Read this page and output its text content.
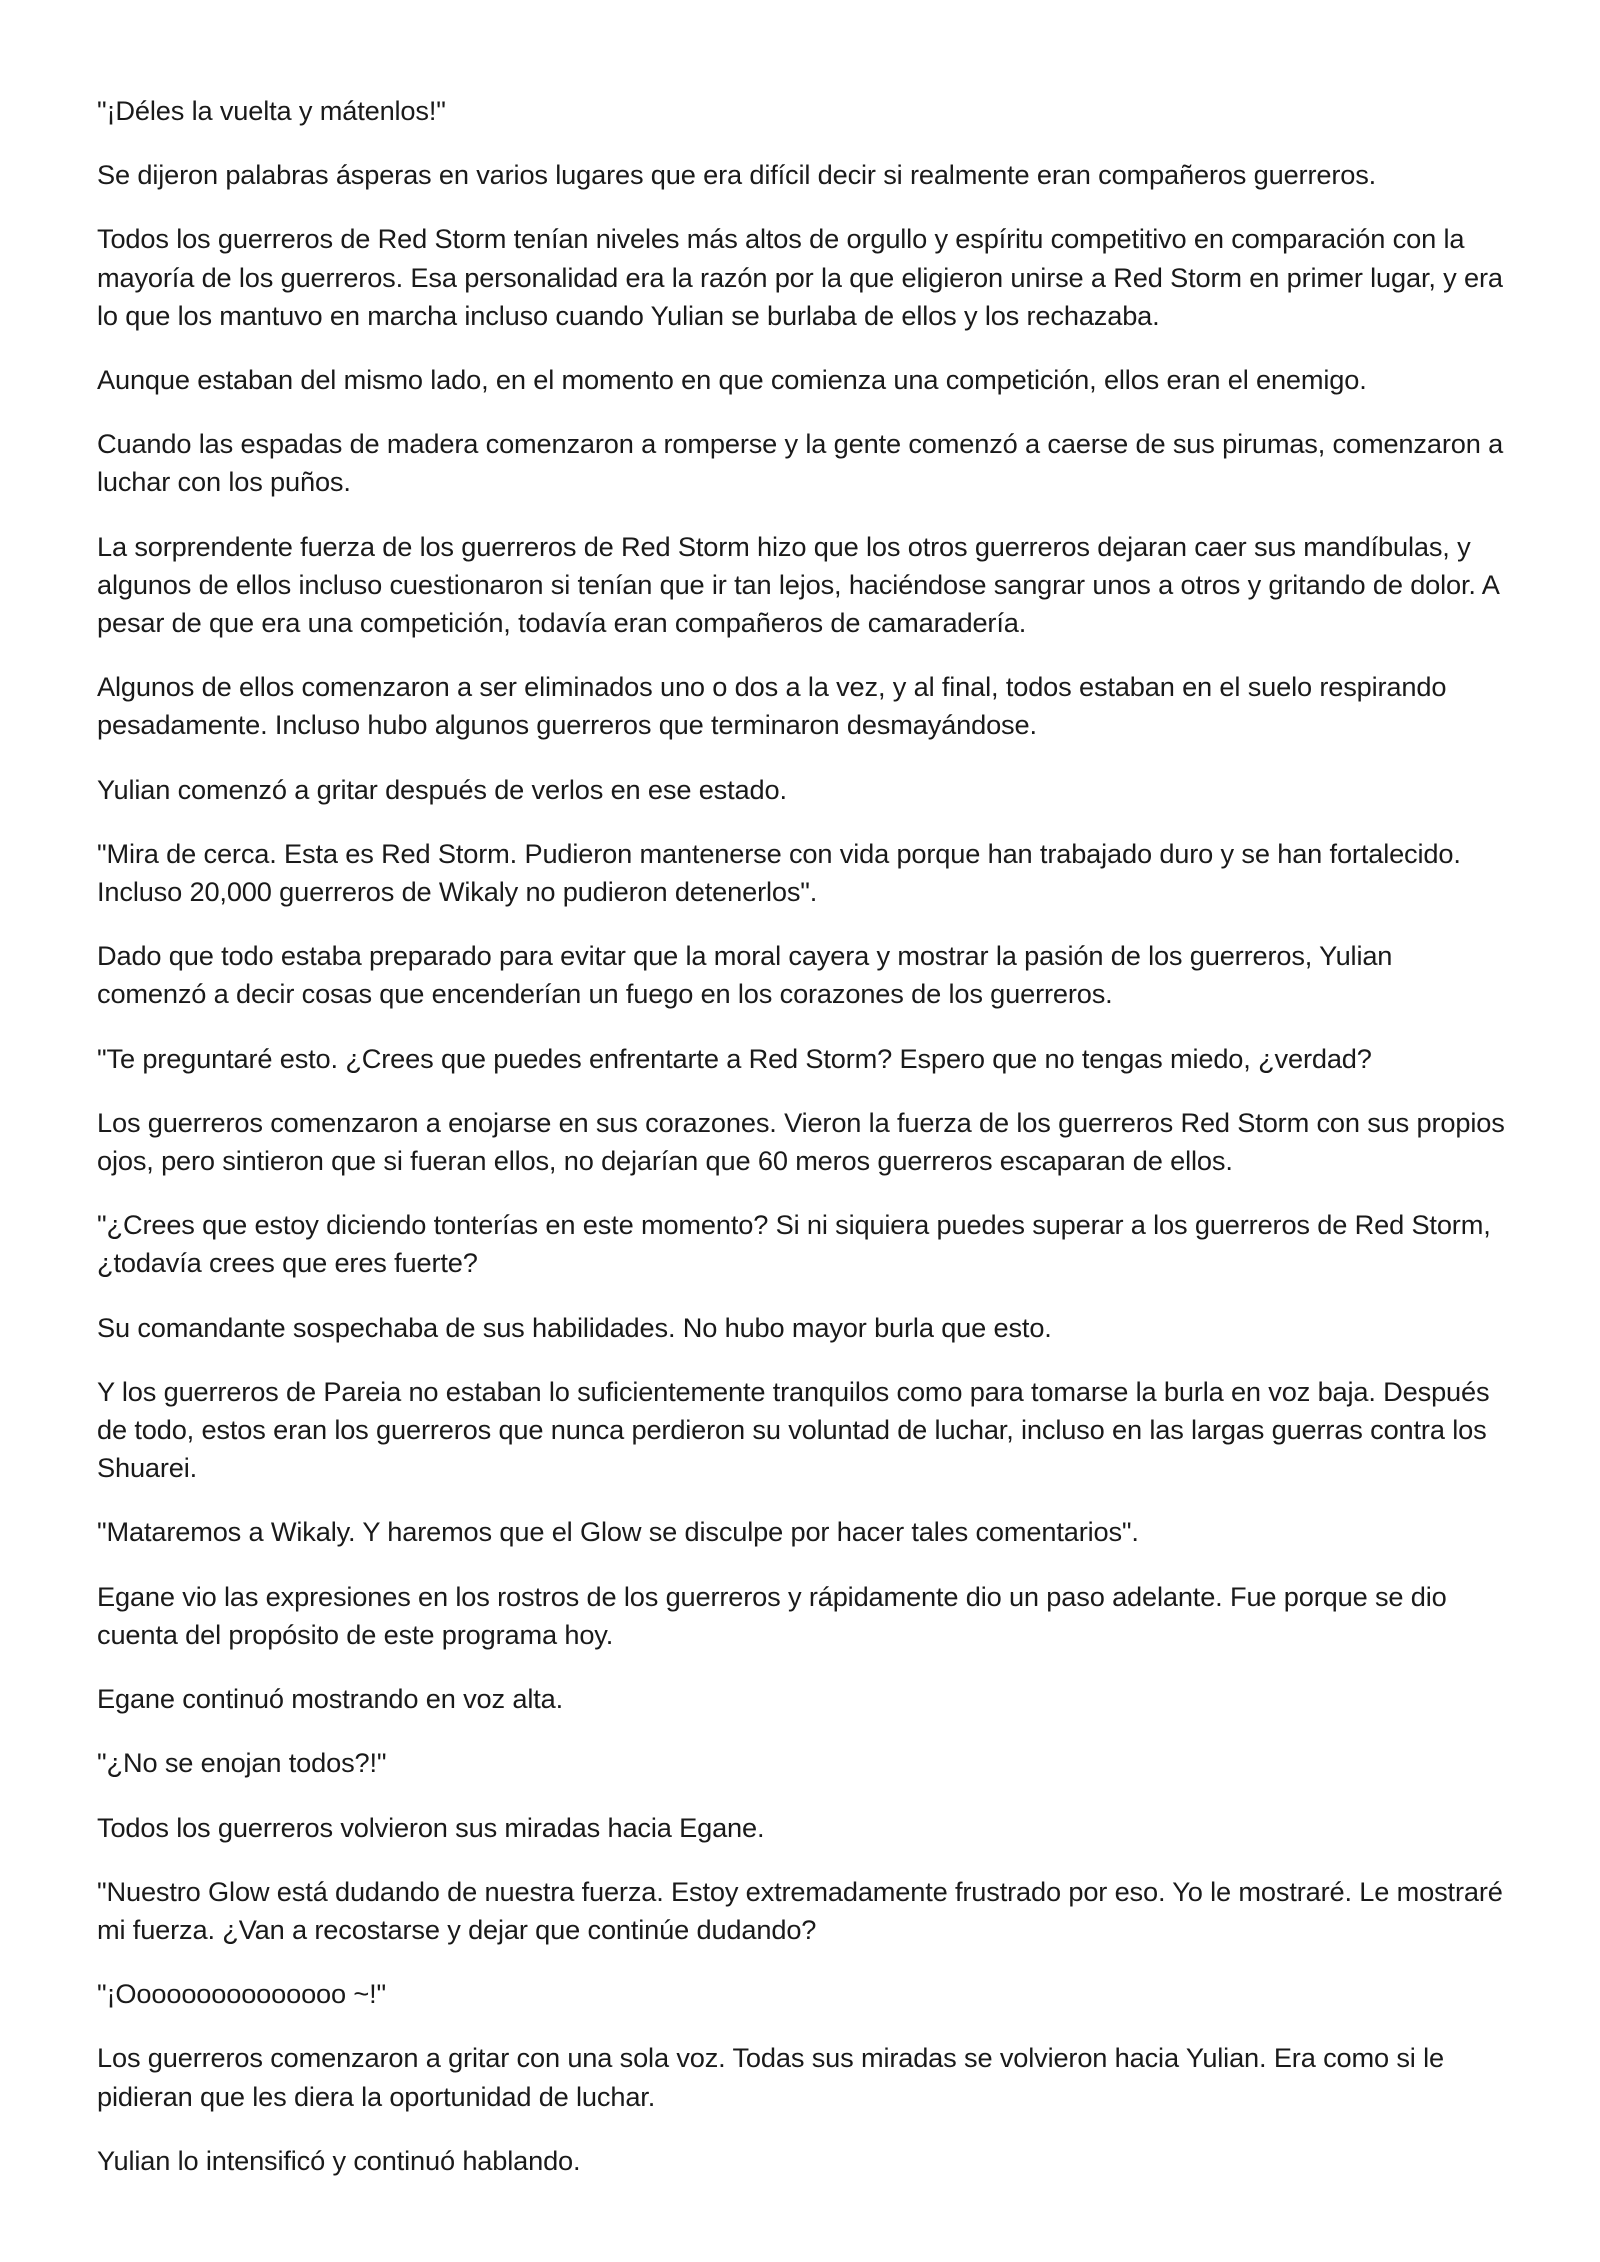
"¡Déles la vuelta y mátenlos!"

Se dijeron palabras ásperas en varios lugares que era difícil decir si realmente eran compañeros guerreros.

Todos los guerreros de Red Storm tenían niveles más altos de orgullo y espíritu competitivo en comparación con la mayoría de los guerreros. Esa personalidad era la razón por la que eligieron unirse a Red Storm en primer lugar, y era lo que los mantuvo en marcha incluso cuando Yulian se burlaba de ellos y los rechazaba.

Aunque estaban del mismo lado, en el momento en que comienza una competición, ellos eran el enemigo.

Cuando las espadas de madera comenzaron a romperse y la gente comenzó a caerse de sus pirumas, comenzaron a luchar con los puños.

La sorprendente fuerza de los guerreros de Red Storm hizo que los otros guerreros dejaran caer sus mandíbulas, y algunos de ellos incluso cuestionaron si tenían que ir tan lejos, haciéndose sangrar unos a otros y gritando de dolor. A pesar de que era una competición, todavía eran compañeros de camaradería.

Algunos de ellos comenzaron a ser eliminados uno o dos a la vez, y al final, todos estaban en el suelo respirando pesadamente. Incluso hubo algunos guerreros que terminaron desmayándose.

Yulian comenzó a gritar después de verlos en ese estado.

"Mira de cerca. Esta es Red Storm. Pudieron mantenerse con vida porque han trabajado duro y se han fortalecido. Incluso 20,000 guerreros de Wikaly no pudieron detenerlos".

Dado que todo estaba preparado para evitar que la moral cayera y mostrar la pasión de los guerreros, Yulian comenzó a decir cosas que encenderían un fuego en los corazones de los guerreros.

"Te preguntaré esto. ¿Crees que puedes enfrentarte a Red Storm? Espero que no tengas miedo, ¿verdad?

Los guerreros comenzaron a enojarse en sus corazones. Vieron la fuerza de los guerreros Red Storm con sus propios ojos, pero sintieron que si fueran ellos, no dejarían que 60 meros guerreros escaparan de ellos.

"¿Crees que estoy diciendo tonterías en este momento? Si ni siquiera puedes superar a los guerreros de Red Storm, ¿todavía crees que eres fuerte?

Su comandante sospechaba de sus habilidades. No hubo mayor burla que esto.

Y los guerreros de Pareia no estaban lo suficientemente tranquilos como para tomarse la burla en voz baja. Después de todo, estos eran los guerreros que nunca perdieron su voluntad de luchar, incluso en las largas guerras contra los Shuarei.

"Mataremos a Wikaly. Y haremos que el Glow se disculpe por hacer tales comentarios".

Egane vio las expresiones en los rostros de los guerreros y rápidamente dio un paso adelante. Fue porque se dio cuenta del propósito de este programa hoy.

Egane continuó mostrando en voz alta.

"¿No se enojan todos?!"

Todos los guerreros volvieron sus miradas hacia Egane.

"Nuestro Glow está dudando de nuestra fuerza. Estoy extremadamente frustrado por eso. Yo le mostraré. Le mostraré mi fuerza. ¿Van a recostarse y dejar que continúe dudando?

"¡Ooooooooooooooo ~!"

Los guerreros comenzaron a gritar con una sola voz. Todas sus miradas se volvieron hacia Yulian. Era como si le pidieran que les diera la oportunidad de luchar.

Yulian lo intensificó y continuó hablando.
